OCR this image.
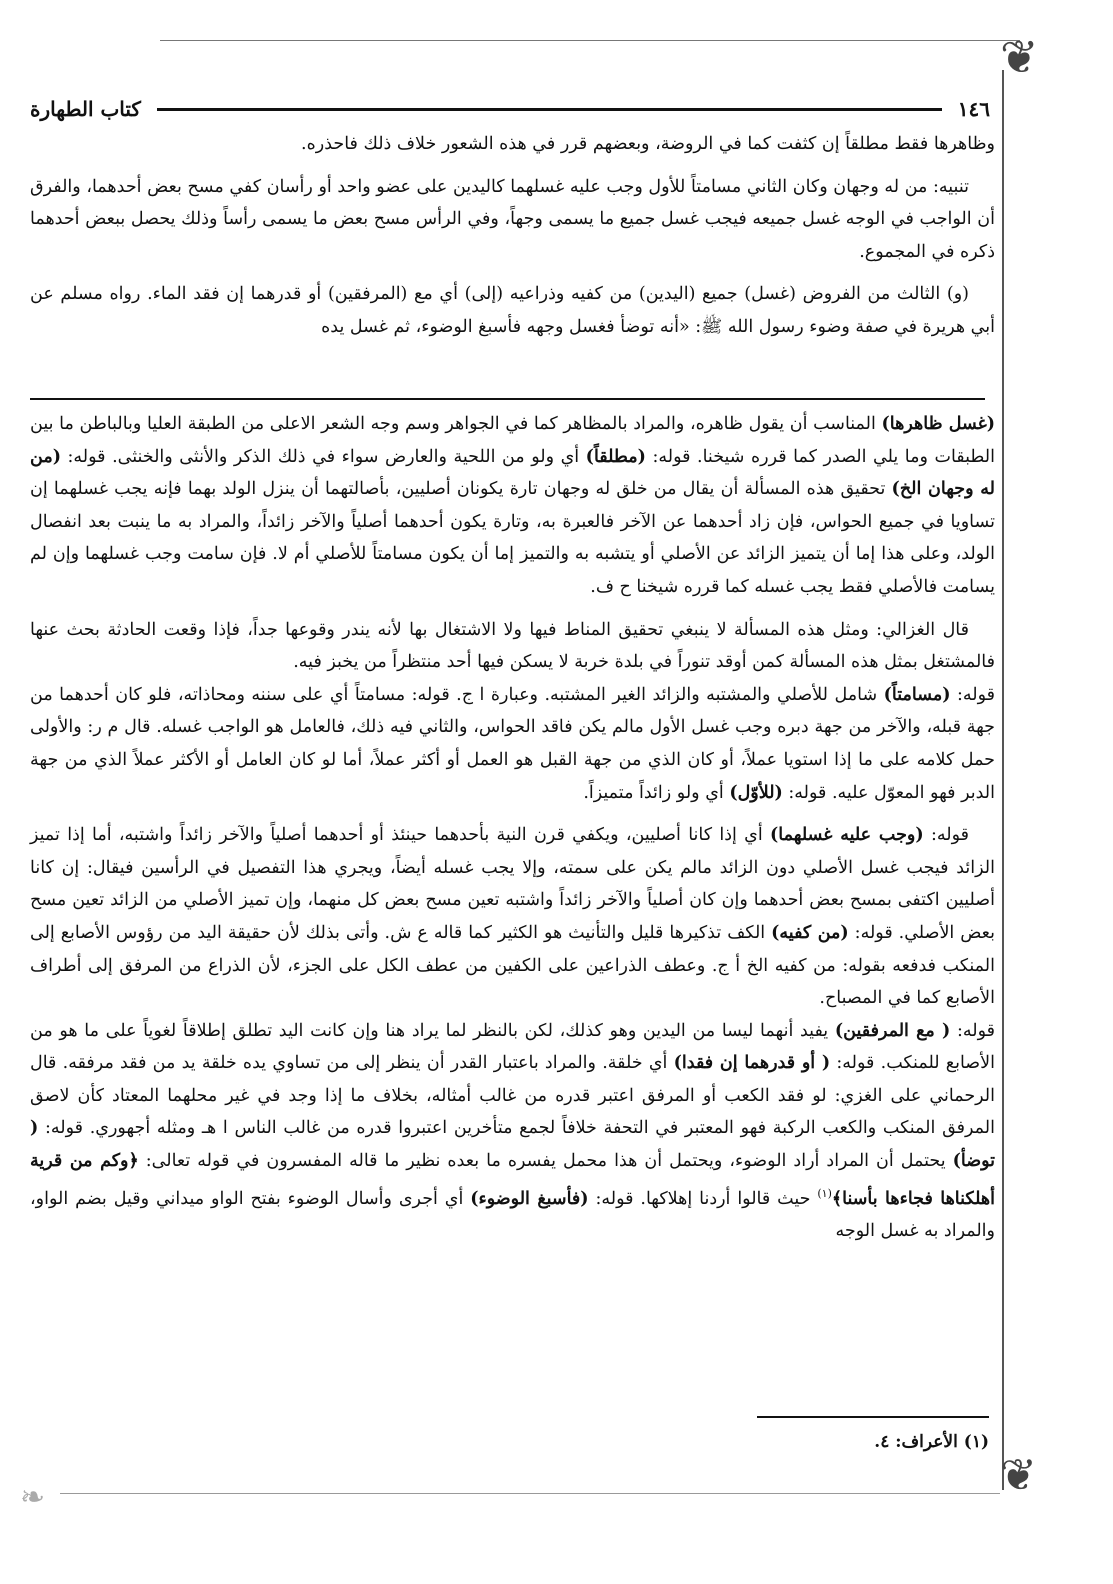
❦
❦
❧
١٤٦
كتاب الطهارة

وظاهرها فقط مطلقاً إن كثفت كما في الروضة، وبعضهم قرر في هذه الشعور خلاف ذلك فاحذره.

تنبيه: من له وجهان وكان الثاني مسامتاً للأول وجب عليه غسلهما كاليدين على عضو واحد أو رأسان كفي مسح بعض أحدهما، والفرق أن الواجب في الوجه غسل جميعه فيجب غسل جميع ما يسمى وجهاً، وفي الرأس مسح بعض ما يسمى رأساً وذلك يحصل ببعض أحدهما ذكره في المجموع.

(و) الثالث من الفروض (غسل) جميع (اليدين) من كفيه وذراعيه (إلى) أي مع (المرفقين) أو قدرهما إن فقد الماء. رواه مسلم عن أبي هريرة في صفة وضوء رسول الله ﷺ: «أنه توضأ فغسل وجهه فأسبغ الوضوء، ثم غسل يده

(غسل ظاهرها) المناسب أن يقول ظاهره، والمراد بالمظاهر كما في الجواهر وسم وجه الشعر الاعلى من الطبقة العليا وبالباطن ما بين الطبقات وما يلي الصدر كما قرره شيخنا. قوله: (مطلقاً) أي ولو من اللحية والعارض سواء في ذلك الذكر والأنثى والخنثى. قوله: (من له وجهان الخ) تحقيق هذه المسألة أن يقال من خلق له وجهان تارة يكونان أصليين، بأصالتهما أن ينزل الولد بهما فإنه يجب غسلهما إن تساويا في جميع الحواس، فإن زاد أحدهما عن الآخر فالعبرة به، وتارة يكون أحدهما أصلياً والآخر زائداً، والمراد به ما ينبت بعد انفصال الولد، وعلى هذا إما أن يتميز الزائد عن الأصلي أو يتشبه به والتميز إما أن يكون مسامتاً للأصلي أم لا. فإن سامت وجب غسلهما وإن لم يسامت فالأصلي فقط يجب غسله كما قرره شيخنا ح ف.

قال الغزالي: ومثل هذه المسألة لا ينبغي تحقيق المناط فيها ولا الاشتغال بها لأنه يندر وقوعها جداً، فإذا وقعت الحادثة بحث عنها فالمشتغل بمثل هذه المسألة كمن أوقد تنوراً في بلدة خربة لا يسكن فيها أحد منتظراً من يخبز فيه.

قوله: (مسامتاً) شامل للأصلي والمشتبه والزائد الغير المشتبه. وعبارة ا ج. قوله: مسامتاً أي على سننه ومحاذاته، فلو كان أحدهما من جهة قبله، والآخر من جهة دبره وجب غسل الأول مالم يكن فاقد الحواس، والثاني فيه ذلك، فالعامل هو الواجب غسله. قال م ر: والأولى حمل كلامه على ما إذا استويا عملاً، أو كان الذي من جهة القبل هو العمل أو أكثر عملاً، أما لو كان العامل أو الأكثر عملاً الذي من جهة الدبر فهو المعوّل عليه. قوله: (للأوّل) أي ولو زائداً متميزاً.

قوله: (وجب عليه غسلهما) أي إذا كانا أصليين، ويكفي قرن النية بأحدهما حينئذ أو أحدهما أصلياً والآخر زائداً واشتبه، أما إذا تميز الزائد فيجب غسل الأصلي دون الزائد مالم يكن على سمته، وإلا يجب غسله أيضاً، ويجري هذا التفصيل في الرأسين فيقال: إن كانا أصليين اكتفى بمسح بعض أحدهما وإن كان أصلياً والآخر زائداً واشتبه تعين مسح بعض كل منهما، وإن تميز الأصلي من الزائد تعين مسح بعض الأصلي. قوله: (من كفيه) الكف تذكيرها قليل والتأنيث هو الكثير كما قاله ع ش. وأتى بذلك لأن حقيقة اليد من رؤوس الأصابع إلى المنكب فدفعه بقوله: من كفيه الخ أ ج. وعطف الذراعين على الكفين من عطف الكل على الجزء، لأن الذراع من المرفق إلى أطراف الأصابع كما في المصباح.

قوله: ( مع المرفقين) يفيد أنهما ليسا من اليدين وهو كذلك، لكن بالنظر لما يراد هنا وإن كانت اليد تطلق إطلاقاً لغوياً على ما هو من الأصابع للمنكب. قوله: ( أو قدرهما إن فقدا) أي خلقة. والمراد باعتبار القدر أن ينظر إلى من تساوي يده خلقة يد من فقد مرفقه. قال الرحماني على الغزي: لو فقد الكعب أو المرفق اعتبر قدره من غالب أمثاله، بخلاف ما إذا وجد في غير محلهما المعتاد كأن لاصق المرفق المنكب والكعب الركبة فهو المعتبر في التحفة خلافاً لجمع متأخرين اعتبروا قدره من غالب الناس ا هـ ومثله أجهوري. قوله: ( توضأ) يحتمل أن المراد أراد الوضوء، ويحتمل أن هذا محمل يفسره ما بعده نظير ما قاله المفسرون في قوله تعالى: ﴿وكم من قرية أهلكناها فجاءها بأسنا﴾$^{(١)}$ حيث قالوا أردنا إهلاكها. قوله: (فأسبغ الوضوء) أي أجرى وأسال الوضوء بفتح الواو ميداني وقيل بضم الواو، والمراد به غسل الوجه

(١) الأعراف: ٤.
